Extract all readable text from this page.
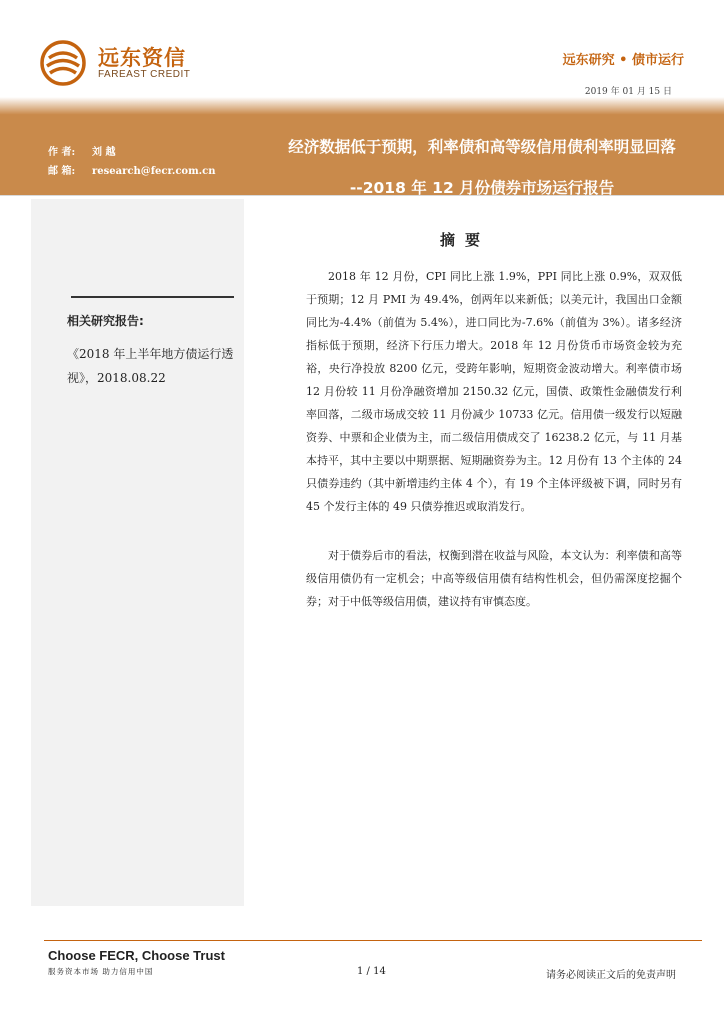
远东资信
FAREAST CREDIT
远东研究 • 债市运行
2019 年 01 月 15 日
作 者: 刘 越
邮 箱: research@fecr.com.cn
经济数据低于预期，利率债和高等级信用债利率明显回落
--2018 年 12 月份债券市场运行报告
相关研究报告:
《2018 年上半年地方债运行透视》，2018.08.22
摘要

2018 年 12 月份，CPI 同比上涨 1.9%，PPI 同比上涨 0.9%，双双低于预期；12 月 PMI 为 49.4%，创两年以来新低；以美元计，我国出口金额同比为-4.4%（前值为 5.4%），进口同比为-7.6%（前值为 3%）。诸多经济指标低于预期，经济下行压力增大。2018 年 12 月份货币市场资金较为充裕，央行净投放 8200 亿元，受跨年影响，短期资金波动增大。利率债市场 12 月份较 11 月份净融资增加 2150.32 亿元，国债、政策性金融债发行利率回落，二级市场成交较 11 月份减少 10733 亿元。信用债一级发行以短融资券、中票和企业债为主，而二级信用债成交了 16238.2 亿元，与 11 月基本持平，其中主要以中期票据、短期融资券为主。12 月份有 13 个主体的 24 只债券违约（其中新增违约主体 4 个），有 19 个主体评级被下调，同时另有 45 个发行主体的 49 只债券推迟或取消发行。

对于债券后市的看法，权衡到潜在收益与风险，本文认为：利率债和高等级信用债仍有一定机会；中高等级信用债有结构性机会，但仍需深度挖掘个券；对于中低等级信用债，建议持有审慎态度。

Choose FECR, Choose Trust
服务资本市场 助力信用中国	1 / 14	请务必阅读正文后的免责声明
